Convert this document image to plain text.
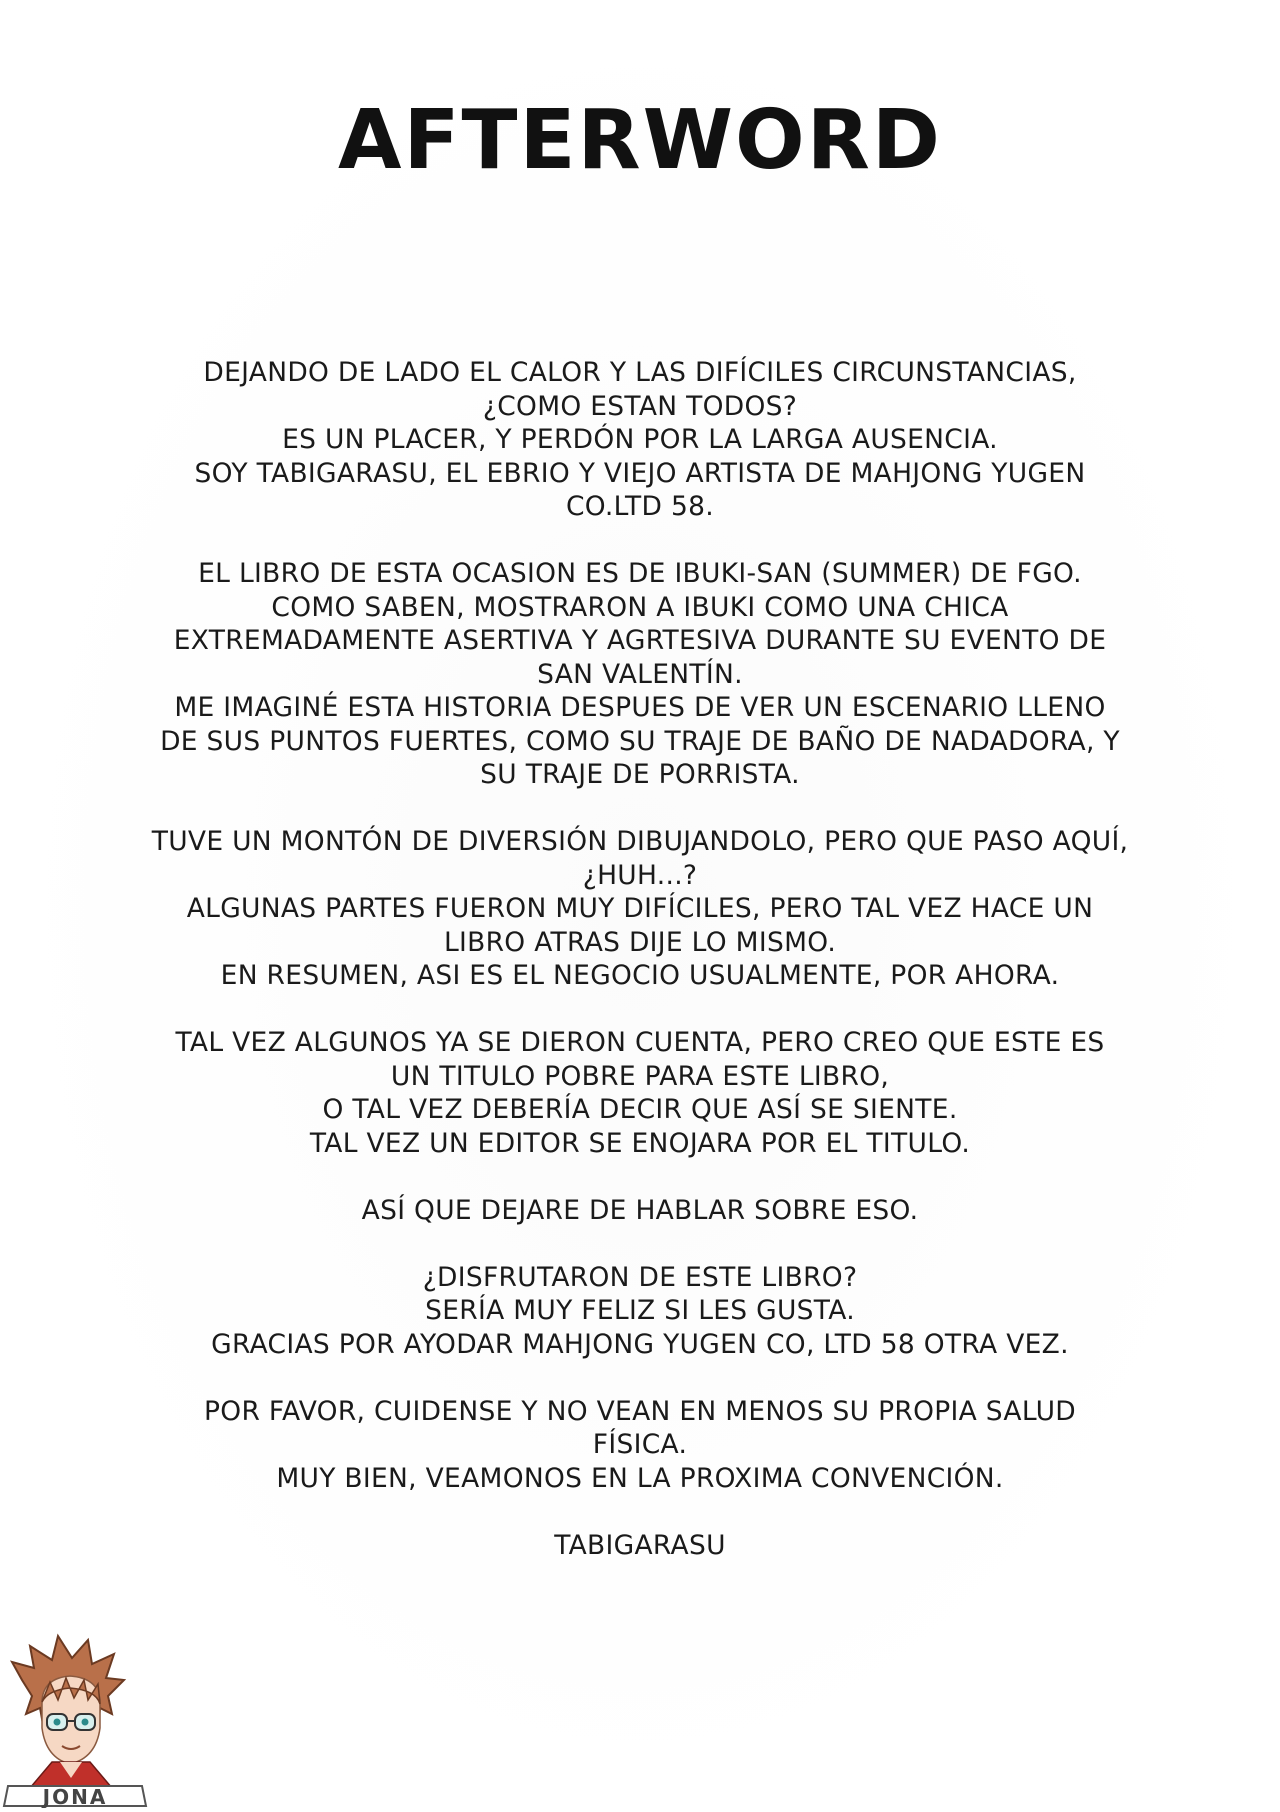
AFTERWORD

DEJANDO DE LADO EL CALOR Y LAS DIFÍCILES CIRCUNSTANCIAS,
¿COMO ESTAN TODOS?
ES UN PLACER, Y PERDÓN POR LA LARGA AUSENCIA.
SOY TABIGARASU, EL EBRIO Y VIEJO ARTISTA DE MAHJONG YUGEN
CO.LTD 58.

EL LIBRO DE ESTA OCASION ES DE IBUKI-SAN (SUMMER) DE FGO.
COMO SABEN, MOSTRARON A IBUKI COMO UNA CHICA
EXTREMADAMENTE ASERTIVA Y AGRTESIVA DURANTE SU EVENTO DE
SAN VALENTÍN.
ME IMAGINÉ ESTA HISTORIA DESPUES DE VER UN ESCENARIO LLENO
DE SUS PUNTOS FUERTES, COMO SU TRAJE DE BAÑO DE NADADORA, Y
SU TRAJE DE PORRISTA.

TUVE UN MONTÓN DE DIVERSIÓN DIBUJANDOLO, PERO QUE PASO AQUÍ,
¿HUH...?
ALGUNAS PARTES FUERON MUY DIFÍCILES, PERO TAL VEZ HACE UN
LIBRO ATRAS DIJE LO MISMO.
EN RESUMEN, ASI ES EL NEGOCIO USUALMENTE, POR AHORA.

TAL VEZ ALGUNOS YA SE DIERON CUENTA, PERO CREO QUE ESTE ES
UN TITULO POBRE PARA ESTE LIBRO,
O TAL VEZ DEBERÍA DECIR QUE ASÍ SE SIENTE.
TAL VEZ UN EDITOR SE ENOJARA POR EL TITULO.

ASÍ QUE DEJARE DE HABLAR SOBRE ESO.

¿DISFRUTARON DE ESTE LIBRO?
SERÍA MUY FELIZ SI LES GUSTA.
GRACIAS POR AYODAR MAHJONG YUGEN CO, LTD 58 OTRA VEZ.

POR FAVOR, CUIDENSE Y NO VEAN EN MENOS SU PROPIA SALUD
FÍSICA.
MUY BIEN, VEAMONOS EN LA PROXIMA CONVENCIÓN.

TABIGARASU
JONA
